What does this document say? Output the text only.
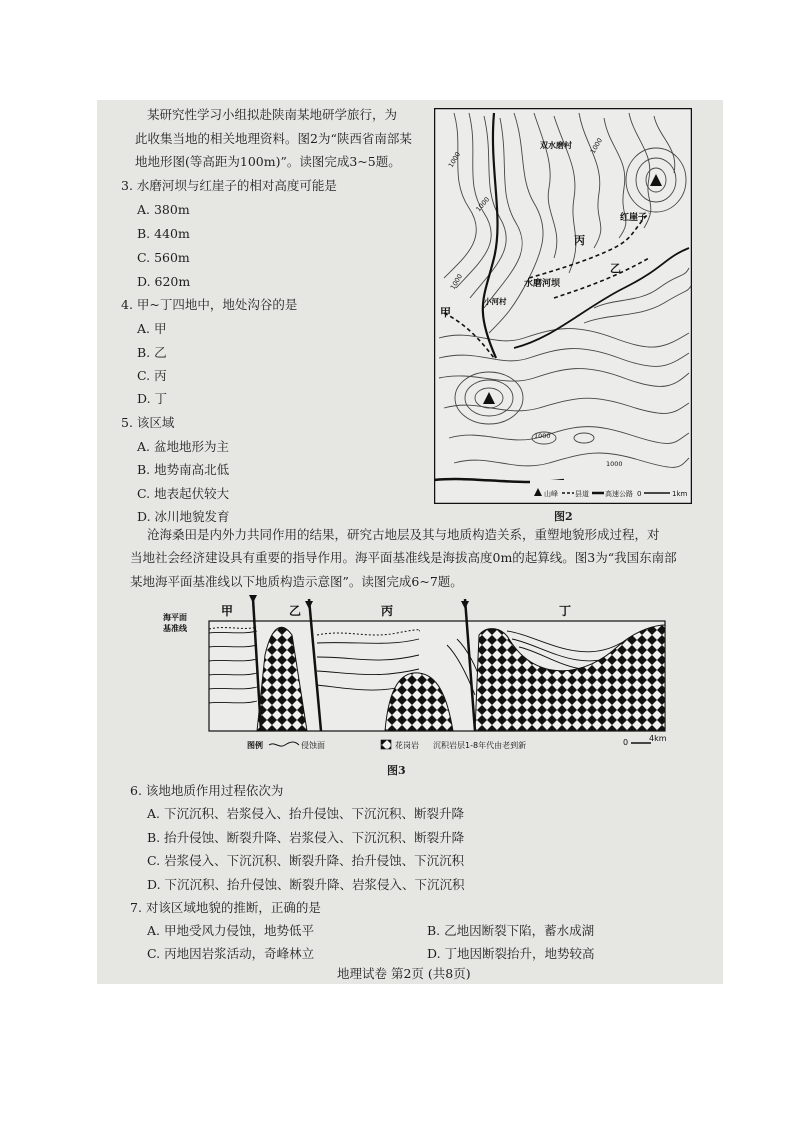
某研究性学习小组拟赴陕南某地研学旅行，为
此收集当地的相关地理资料。图2为“陕西省南部某
地地形图(等高距为100m)”。读图完成3~5题。
3. 水磨河坝与红崖子的相对高度可能是
A. 380m
B. 440m
C. 560m
D. 620m
4. 甲~丁四地中，地处沟谷的是
A. 甲
B. 乙
C. 丙
D. 丁
5. 该区域
A. 盆地地形为主
B. 地势南高北低
C. 地表起伏较大
D. 冰川地貌发育
双水磨村
红崖子
水磨河坝
小河村
甲
乙
丙
1000
1000
1000
1000
1000
1000
山峰 县道 高速公路 0	1km
图2
沧海桑田是内外力共同作用的结果，研究古地层及其与地质构造关系，重塑地貌形成过程，对
当地社会经济建设具有重要的指导作用。海平面基准线是海拔高度0m的起算线。图3为“我国东南部
某地海平面基准线以下地质构造示意图”。读图完成6~7题。
海平面
基准线
甲	乙	丙	丁
图例	侵蚀面	花岗岩 沉积岩层1-8年代由老到新	0	4km
图3
6. 该地地质作用过程依次为
A. 下沉沉积、岩浆侵入、抬升侵蚀、下沉沉积、断裂升降
B. 抬升侵蚀、断裂升降、岩浆侵入、下沉沉积、断裂升降
C. 岩浆侵入、下沉沉积、断裂升降、抬升侵蚀、下沉沉积
D. 下沉沉积、抬升侵蚀、断裂升降、岩浆侵入、下沉沉积
7. 对该区域地貌的推断，正确的是
A. 甲地受风力侵蚀，地势低平	B. 乙地因断裂下陷，蓄水成湖
C. 丙地因岩浆活动，奇峰林立	D. 丁地因断裂抬升，地势较高
地理试卷 第2页 (共8页)
